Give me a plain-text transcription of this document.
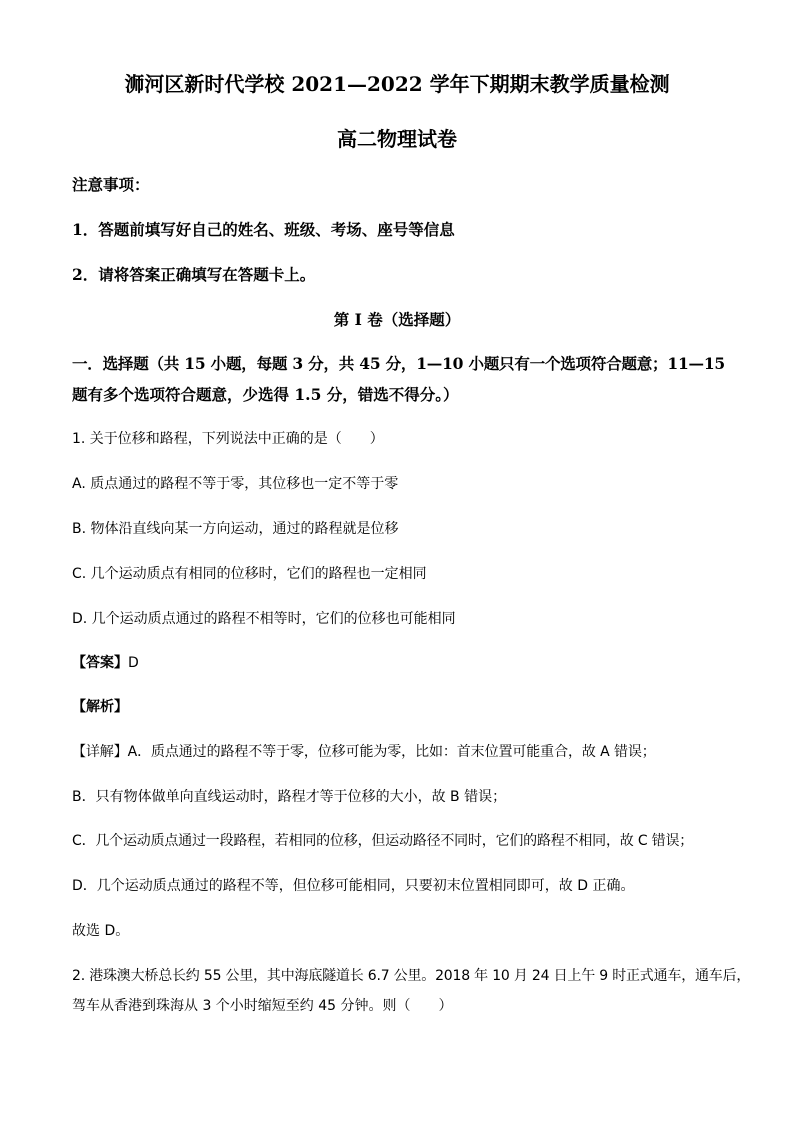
浉河区新时代学校 2021—2022 学年下期期末教学质量检测
高二物理试卷
注意事项：
1．答题前填写好自己的姓名、班级、考场、座号等信息
2．请将答案正确填写在答题卡上。
第 I 卷（选择题）
一．选择题（共 15 小题，每题 3 分，共 45 分，1—10 小题只有一个选项符合题意；11—15
题有多个选项符合题意，少选得 1.5 分，错选不得分。）
1. 关于位移和路程，下列说法中正确的是（　　）
A. 质点通过的路程不等于零，其位移也一定不等于零
B. 物体沿直线向某一方向运动，通过的路程就是位移
C. 几个运动质点有相同的位移时，它们的路程也一定相同
D. 几个运动质点通过的路程不相等时，它们的位移也可能相同
【答案】D
【解析】
【详解】A．质点通过的路程不等于零，位移可能为零，比如：首末位置可能重合，故 A 错误；
B．只有物体做单向直线运动时，路程才等于位移的大小，故 B 错误；
C．几个运动质点通过一段路程，若相同的位移，但运动路径不同时，它们的路程不相同，故 C 错误；
D．几个运动质点通过的路程不等，但位移可能相同，只要初末位置相同即可，故 D 正确。
故选 D。
2. 港珠澳大桥总长约 55 公里，其中海底隧道长 6.7 公里。2018 年 10 月 24 日上午 9 时正式通车，通车后，
驾车从香港到珠海从 3 个小时缩短至约 45 分钟。则（　　）
